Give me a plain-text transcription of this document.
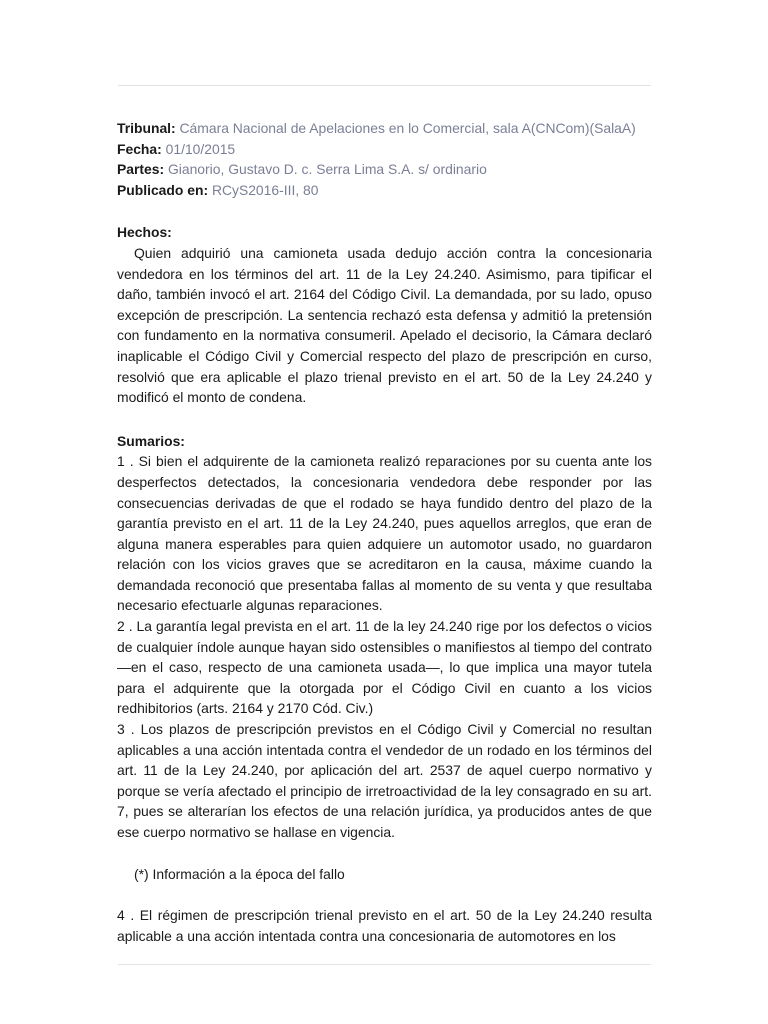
Tribunal: Cámara Nacional de Apelaciones en lo Comercial, sala A(CNCom)(SalaA)
Fecha: 01/10/2015
Partes: Gianorio, Gustavo D. c. Serra Lima S.A. s/ ordinario
Publicado en: RCyS2016-III, 80
Hechos:

Quien adquirió una camioneta usada dedujo acción contra la concesionaria vendedora en los términos del art. 11 de la Ley 24.240. Asimismo, para tipificar el daño, también invocó el art. 2164 del Código Civil. La demandada, por su lado, opuso excepción de prescripción. La sentencia rechazó esta defensa y admitió la pretensión con fundamento en la normativa consumeril. Apelado el decisorio, la Cámara declaró inaplicable el Código Civil y Comercial respecto del plazo de prescripción en curso, resolvió que era aplicable el plazo trienal previsto en el art. 50 de la Ley 24.240 y modificó el monto de condena.

Sumarios:

1 . Si bien el adquirente de la camioneta realizó reparaciones por su cuenta ante los desperfectos detectados, la concesionaria vendedora debe responder por las consecuencias derivadas de que el rodado se haya fundido dentro del plazo de la garantía previsto en el art. 11 de la Ley 24.240, pues aquellos arreglos, que eran de alguna manera esperables para quien adquiere un automotor usado, no guardaron relación con los vicios graves que se acreditaron en la causa, máxime cuando la demandada reconoció que presentaba fallas al momento de su venta y que resultaba necesario efectuarle algunas reparaciones.

2 . La garantía legal prevista en el art. 11 de la ley 24.240 rige por los defectos o vicios de cualquier índole aunque hayan sido ostensibles o manifiestos al tiempo del contrato —en el caso, respecto de una camioneta usada—, lo que implica una mayor tutela para el adquirente que la otorgada por el Código Civil en cuanto a los vicios redhibitorios (arts. 2164 y 2170 Cód. Civ.)

3 . Los plazos de prescripción previstos en el Código Civil y Comercial no resultan aplicables a una acción intentada contra el vendedor de un rodado en los términos del art. 11 de la Ley 24.240, por aplicación del art. 2537 de aquel cuerpo normativo y porque se vería afectado el principio de irretroactividad de la ley consagrado en su art. 7, pues se alterarían los efectos de una relación jurídica, ya producidos antes de que ese cuerpo normativo se hallase en vigencia.

(*) Información a la época del fallo

4 . El régimen de prescripción trienal previsto en el art. 50 de la Ley 24.240 resulta aplicable a una acción intentada contra una concesionaria de automotores en los
